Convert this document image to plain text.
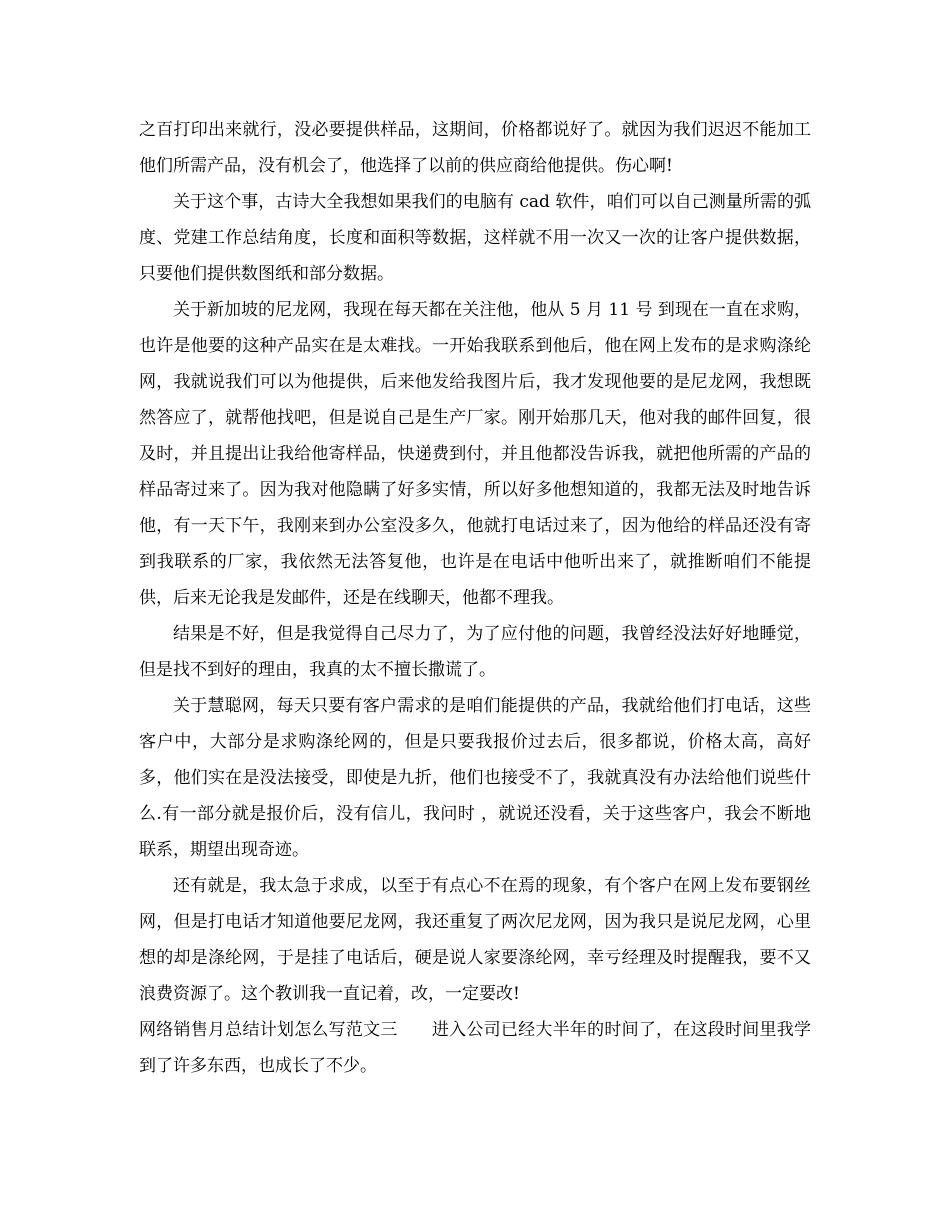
之百打印出来就行，没必要提供样品，这期间，价格都说好了。就因为我们迟迟不能加工他们所需产品，没有机会了，他选择了以前的供应商给他提供。伤心啊!

关于这个事，古诗大全我想如果我们的电脑有 cad 软件，咱们可以自己测量所需的弧度、党建工作总结角度，长度和面积等数据，这样就不用一次又一次的让客户提供数据，只要他们提供数图纸和部分数据。

关于新加坡的尼龙网，我现在每天都在关注他，他从 5 月 11 号 到现在一直在求购，也许是他要的这种产品实在是太难找。一开始我联系到他后，他在网上发布的是求购涤纶网，我就说我们可以为他提供，后来他发给我图片后，我才发现他要的是尼龙网，我想既然答应了，就帮他找吧，但是说自己是生产厂家。刚开始那几天，他对我的邮件回复，很及时，并且提出让我给他寄样品，快递费到付，并且他都没告诉我，就把他所需的产品的样品寄过来了。因为我对他隐瞒了好多实情，所以好多他想知道的，我都无法及时地告诉他，有一天下午，我刚来到办公室没多久，他就打电话过来了，因为他给的样品还没有寄到我联系的厂家，我依然无法答复他，也许是在电话中他听出来了，就推断咱们不能提供，后来无论我是发邮件，还是在线聊天，他都不理我。

结果是不好，但是我觉得自己尽力了，为了应付他的问题，我曾经没法好好地睡觉，但是找不到好的理由，我真的太不擅长撒谎了。

关于慧聪网，每天只要有客户需求的是咱们能提供的产品，我就给他们打电话，这些客户中，大部分是求购涤纶网的，但是只要我报价过去后，很多都说，价格太高，高好多，他们实在是没法接受，即使是九折，他们也接受不了，我就真没有办法给他们说些什么.有一部分就是报价后，没有信儿，我问时 ，就说还没看，关于这些客户，我会不断地联系，期望出现奇迹。

还有就是，我太急于求成，以至于有点心不在焉的现象，有个客户在网上发布要钢丝网，但是打电话才知道他要尼龙网，我还重复了两次尼龙网，因为我只是说尼龙网，心里想的却是涤纶网，于是挂了电话后，硬是说人家要涤纶网，幸亏经理及时提醒我，要不又浪费资源了。这个教训我一直记着，改，一定要改!

网络销售月总结计划怎么写范文三 进入公司已经大半年的时间了，在这段时间里我学到了许多东西，也成长了不少。
